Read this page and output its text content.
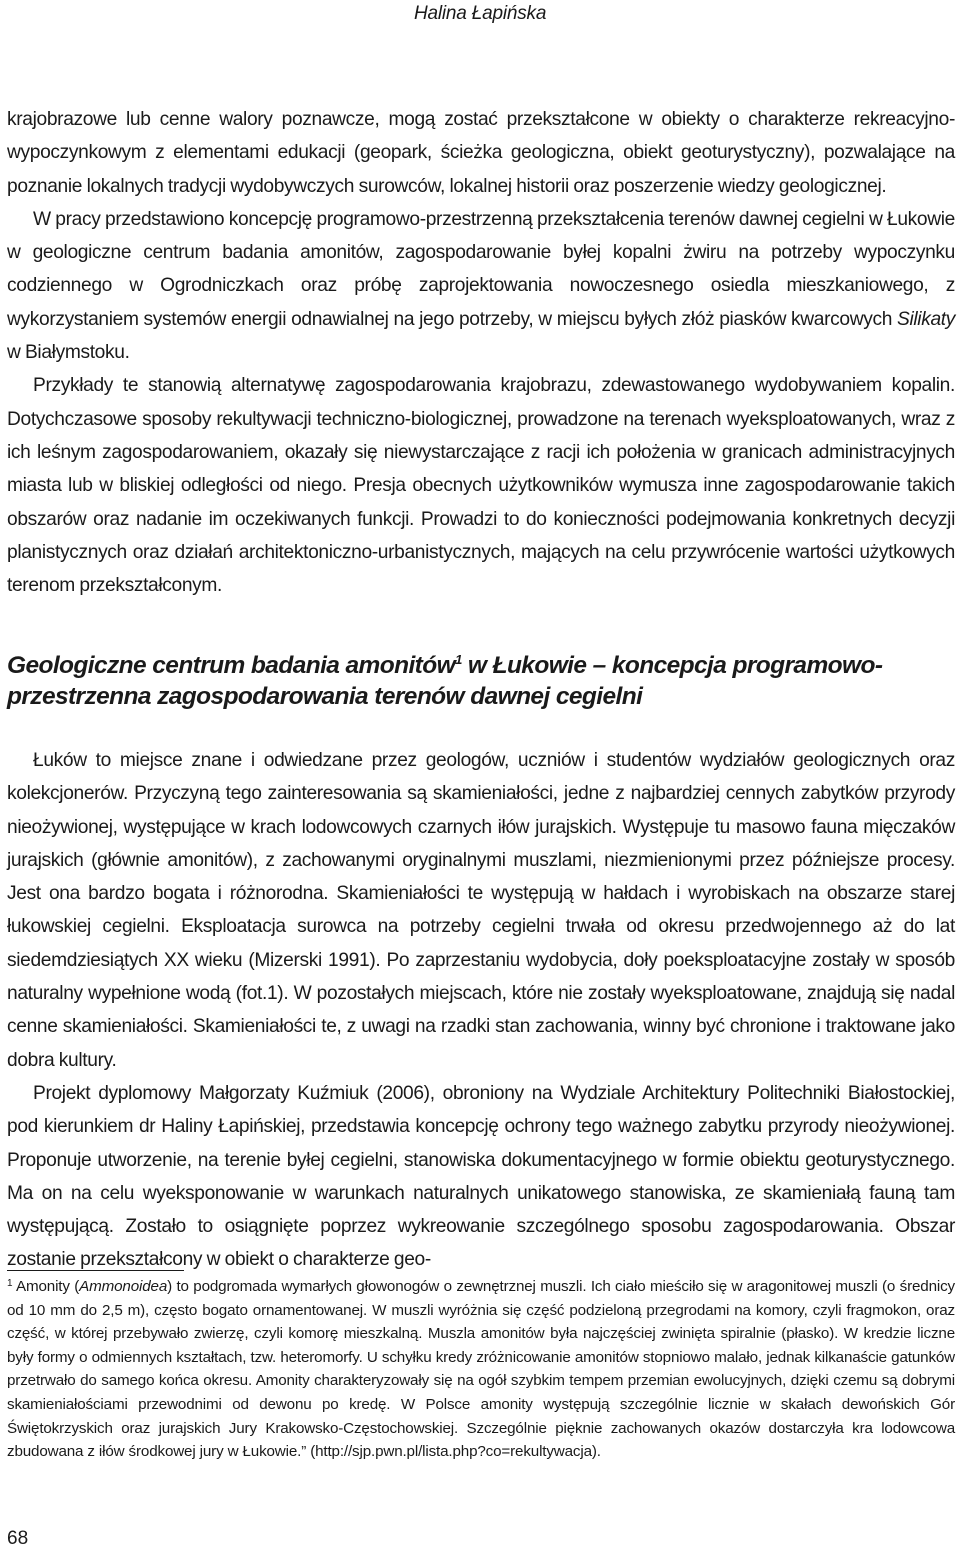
Halina Łapińska

krajobrazowe lub cenne walory poznawcze, mogą zostać przekształcone w obiekty o charakterze rekreacyjno-wypoczynkowym z elementami edukacji (geopark, ścieżka geologiczna, obiekt geoturystyczny), pozwalające na poznanie lokalnych tradycji wydobywczych surowców, lokalnej historii oraz poszerzenie wiedzy geologicznej.

W pracy przedstawiono koncepcję programowo-przestrzenną przekształcenia terenów dawnej cegielni w Łukowie w geologiczne centrum badania amonitów, zagospodarowanie byłej kopalni żwiru na potrzeby wypoczynku codziennego w Ogrodniczkach oraz próbę zaprojektowania nowoczesnego osiedla mieszkaniowego, z wykorzystaniem systemów energii odnawialnej na jego potrzeby, w miejscu byłych złóż piasków kwarcowych Silikaty w Białymstoku.

Przykłady te stanowią alternatywę zagospodarowania krajobrazu, zdewastowanego wydobywaniem kopalin. Dotychczasowe sposoby rekultywacji techniczno-biologicznej, prowadzone na terenach wyeksploatowanych, wraz z ich leśnym zagospodarowaniem, okazały się niewystarczające z racji ich położenia w granicach administracyjnych miasta lub w bliskiej odległości od niego. Presja obecnych użytkowników wymusza inne zagospodarowanie takich obszarów oraz nadanie im oczekiwanych funkcji. Prowadzi to do konieczności podejmowania konkretnych decyzji planistycznych oraz działań architektoniczno-urbanistycznych, mających na celu przywrócenie wartości użytkowych terenom przekształconym.

Geologiczne centrum badania amonitów$^1$ w Łukowie – koncepcja programowo-przestrzenna zagospodarowania terenów dawnej cegielni

Łuków to miejsce znane i odwiedzane przez geologów, uczniów i studentów wydziałów geologicznych oraz kolekcjonerów. Przyczyną tego zainteresowania są skamieniałości, jedne z najbardziej cennych zabytków przyrody nieożywionej, występujące w krach lodowcowych czarnych iłów jurajskich. Występuje tu masowo fauna mięczaków jurajskich (głównie amonitów), z zachowanymi oryginalnymi muszlami, niezmienionymi przez późniejsze procesy. Jest ona bardzo bogata i różnorodna. Skamieniałości te występują w hałdach i wyrobiskach na obszarze starej łukowskiej cegielni. Eksploatacja surowca na potrzeby cegielni trwała od okresu przedwojennego aż do lat siedemdziesiątych XX wieku (Mizerski 1991). Po zaprzestaniu wydobycia, doły poeksploatacyjne zostały w sposób naturalny wypełnione wodą (fot.1). W pozostałych miejscach, które nie zostały wyeksploatowane, znajdują się nadal cenne skamieniałości. Skamieniałości te, z uwagi na rzadki stan zachowania, winny być chronione i traktowane jako dobra kultury.

Projekt dyplomowy Małgorzaty Kuźmiuk (2006), obroniony na Wydziale Architektury Politechniki Białostockiej, pod kierunkiem dr Haliny Łapińskiej, przedstawia koncepcję ochrony tego ważnego zabytku przyrody nieożywionej. Proponuje utworzenie, na terenie byłej cegielni, stanowiska dokumentacyjnego w formie obiektu geoturystycznego. Ma on na celu wyeksponowanie w warunkach naturalnych unikatowego stanowiska, ze skamieniałą fauną tam występującą. Zostało to osiągnięte poprzez wykreowanie szczególnego sposobu zagospodarowania. Obszar zostanie przekształcony w obiekt o charakterze geo-

$^1$ Amonity (Ammonoidea) to podgromada wymarłych głowonogów o zewnętrznej muszli. Ich ciało mieściło się w aragonitowej muszli (o średnicy od 10 mm do 2,5 m), często bogato ornamentowanej. W muszli wyróżnia się część podzieloną przegrodami na komory, czyli fragmokon, oraz część, w której przebywało zwierzę, czyli komorę mieszkalną. Muszla amonitów była najczęściej zwinięta spiralnie (płasko). W kredzie liczne były formy o odmiennych kształtach, tzw. heteromorfy. U schyłku kredy zróżnicowanie amonitów stopniowo malało, jednak kilkanaście gatunków przetrwało do samego końca okresu. Amonity charakteryzowały się na ogół szybkim tempem przemian ewolucyjnych, dzięki czemu są dobrymi skamieniałościami przewodnimi od dewonu po kredę. W Polsce amonity występują szczególnie licznie w skałach dewońskich Gór Świętokrzyskich oraz jurajskich Jury Krakowsko-Częstochowskiej. Szczególnie pięknie zachowanych okazów dostarczyła kra lodowcowa zbudowana z iłów środkowej jury w Łukowie.” (http://sjp.pwn.pl/lista.php?co=rekultywacja).

68
